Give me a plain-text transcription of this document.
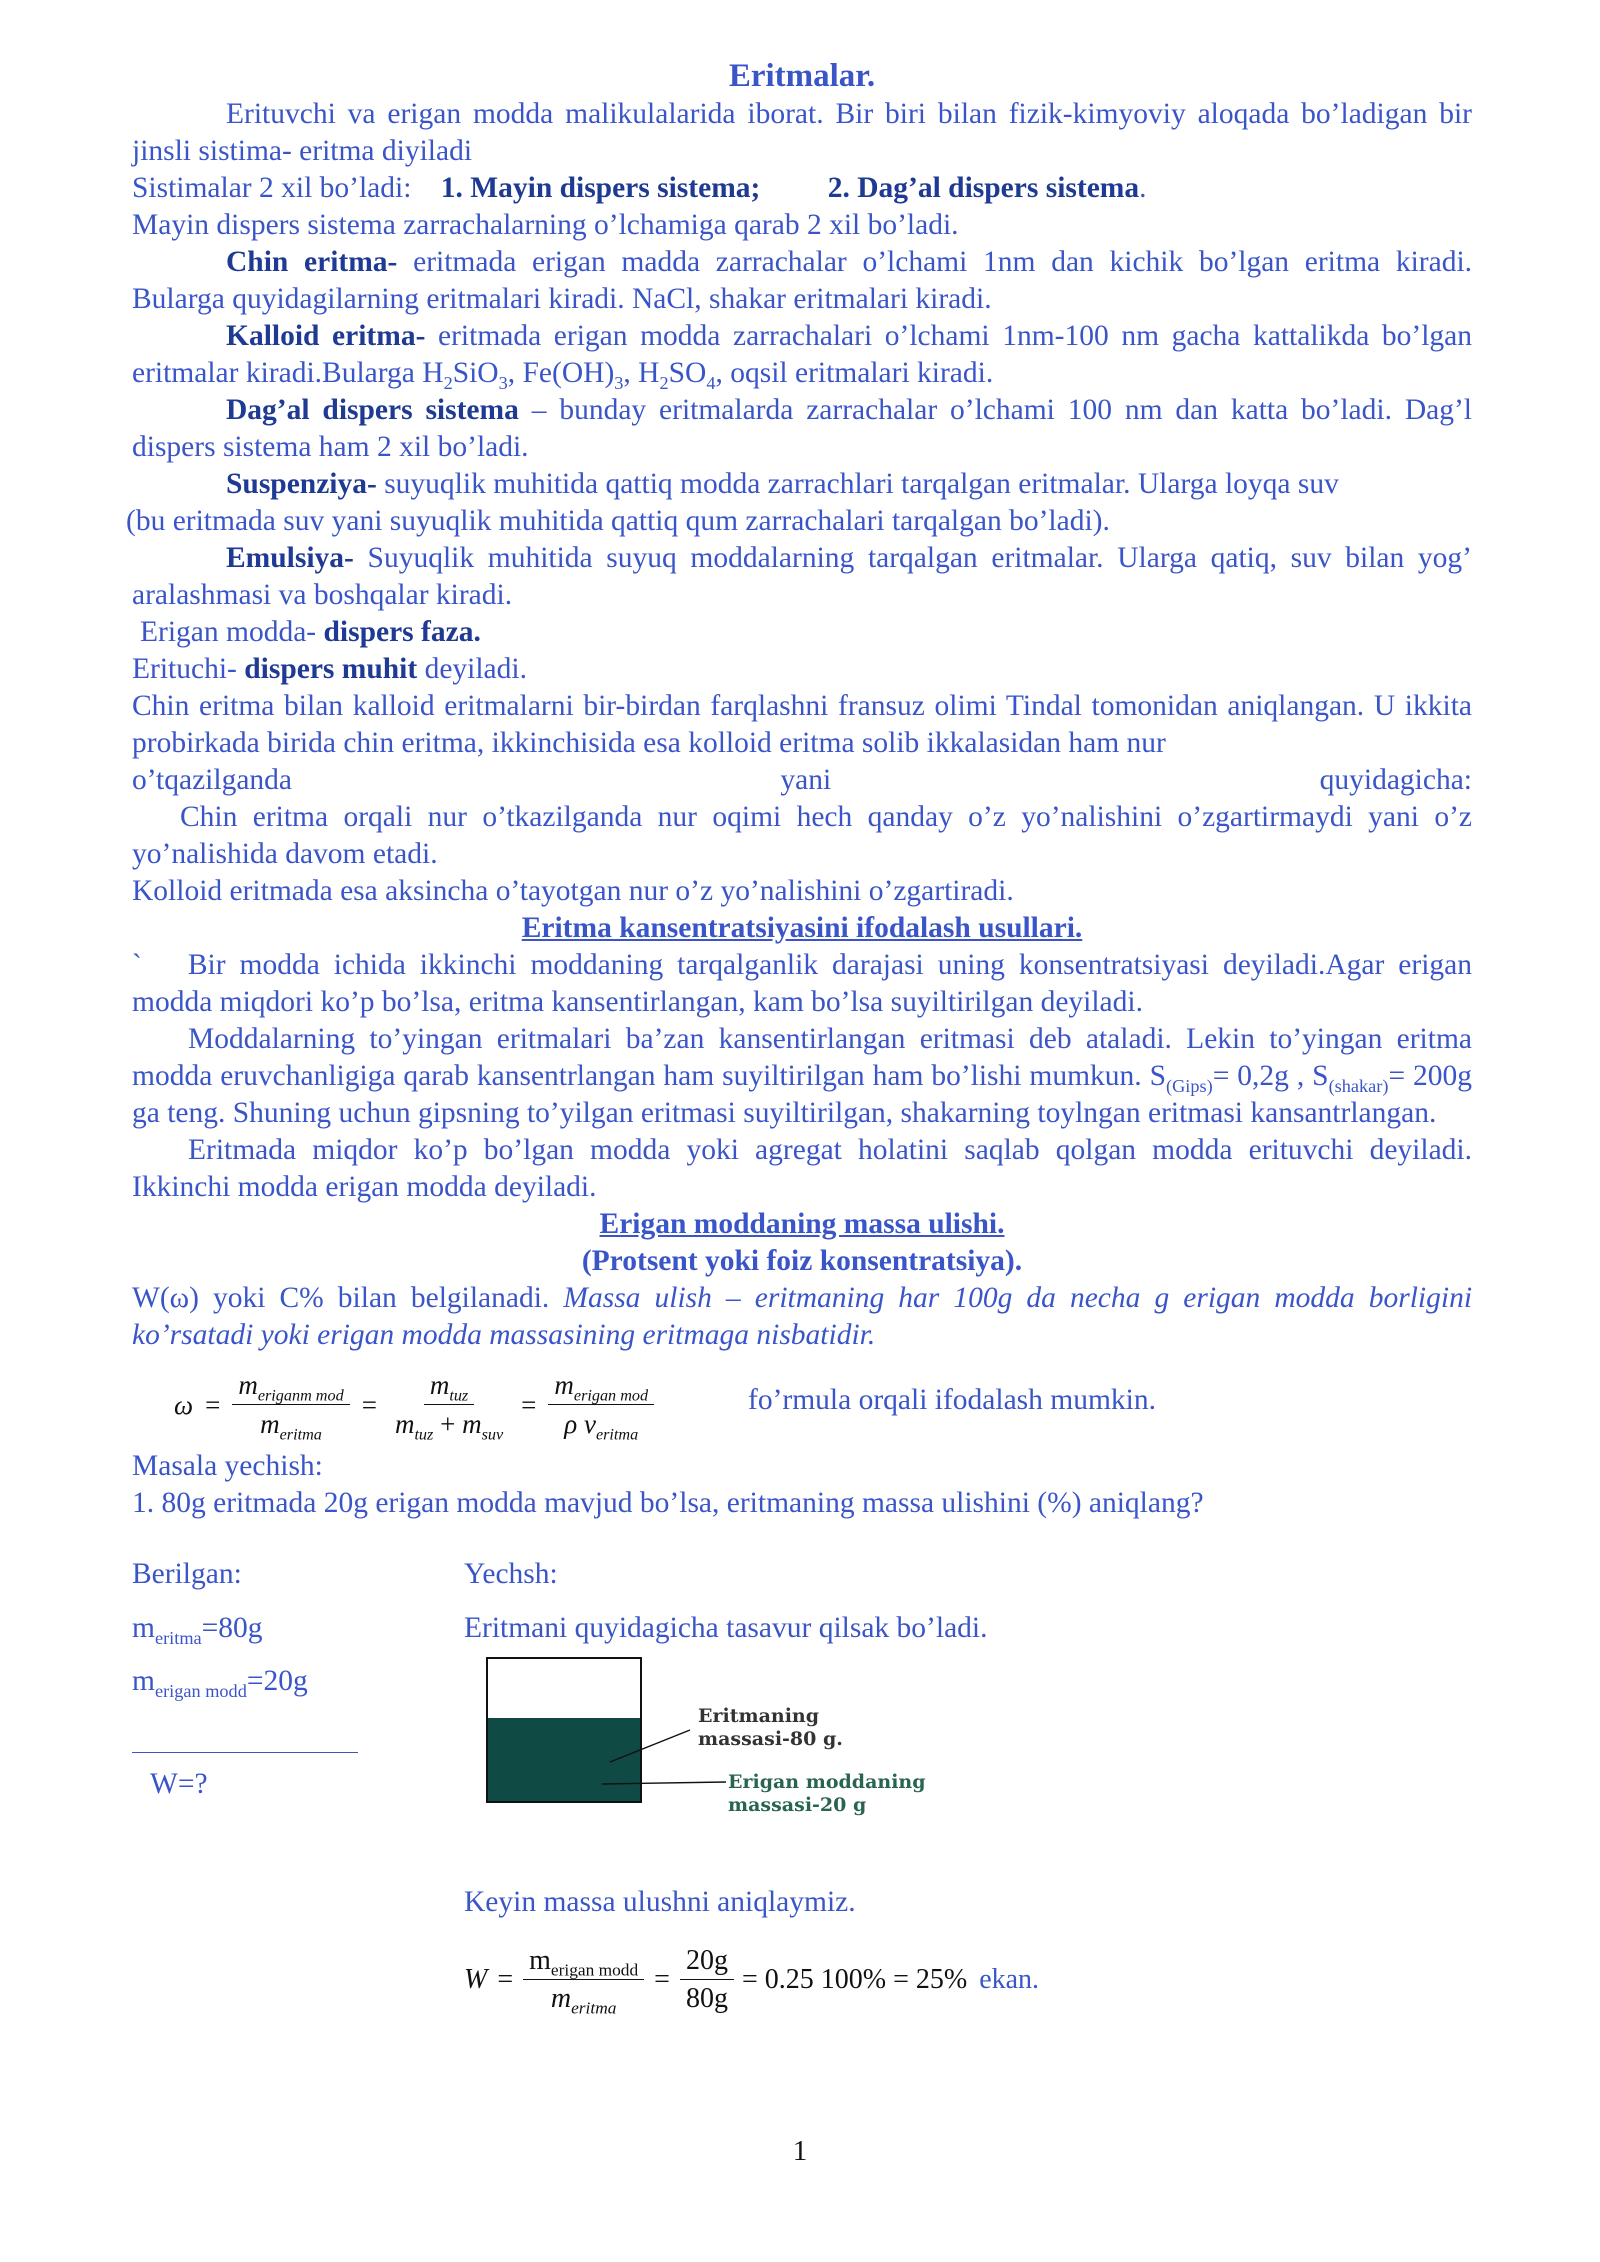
Eritmalar.

Erituvchi va erigan modda malikulalarida iborat. Bir biri bilan fizik-kimyoviy aloqada bo’ladigan bir jinsli sistima- eritma diyiladi

Sistimalar 2 xil bo’ladi: 1. Mayin dispers sistema; 2. Dag’al dispers sistema.

Mayin dispers sistema zarrachalarning o’lchamiga qarab 2 xil bo’ladi.

Chin eritma- eritmada erigan madda zarrachalar o’lchami 1nm dan kichik bo’lgan eritma kiradi. Bularga quyidagilarning eritmalari kiradi. NaCl, shakar eritmalari kiradi.

Kalloid eritma- eritmada erigan modda zarrachalari o’lchami 1nm-100 nm gacha kattalikda bo’lgan eritmalar kiradi.Bularga $H_2SiO_3$, $Fe(OH)_3$, $H_2SO_4$, oqsil eritmalari kiradi.

Dag’al dispers sistema – bunday eritmalarda zarrachalar o’lchami 100 nm dan katta bo’ladi. Dag’l dispers sistema ham 2 xil bo’ladi.

Suspenziya- suyuqlik muhitida qattiq modda zarrachlari tarqalgan eritmalar. Ularga loyqa suv

(bu eritmada suv yani suyuqlik muhitida qattiq qum zarrachalari tarqalgan bo’ladi).

Emulsiya- Suyuqlik muhitida suyuq moddalarning tarqalgan eritmalar. Ularga qatiq, suv bilan yog’ aralashmasi va boshqalar kiradi.

Erigan modda- dispers faza.

Erituchi- dispers muhit deyiladi.

Chin eritma bilan kalloid eritmalarni bir-birdan farqlashni fransuz olimi Tindal tomonidan aniqlangan. U ikkita probirkada birida chin eritma, ikkinchisida esa kolloid eritma solib ikkalasidan ham nur

o’tqazilganda	yani	quyidagicha:

Chin eritma orqali nur o’tkazilganda nur oqimi hech qanday o’z yo’nalishini o’zgartirmaydi yani o’z yo’nalishida davom etadi.

Kolloid eritmada esa aksincha o’tayotgan nur o’z yo’nalishini o’zgartiradi.

Eritma kansentratsiyasini ifodalash usullari.

` Bir modda ichida ikkinchi moddaning tarqalganlik darajasi uning konsentratsiyasi deyiladi.Agar erigan modda miqdori ko’p bo’lsa, eritma kansentirlangan, kam bo’lsa suyiltirilgan deyiladi.

Moddalarning to’yingan eritmalari ba’zan kansentirlangan eritmasi deb ataladi. Lekin to’yingan eritma modda eruvchanligiga qarab kansentrlangan ham suyiltirilgan ham bo’lishi mumkun. $S_{(Gips)}= 0,2g$ , $S_{(shakar)}= 200g$ ga teng. Shuning uchun gipsning to’yilgan eritmasi suyiltirilgan, shakarning toylngan eritmasi kansantrlangan.

Eritmada miqdor ko’p bo’lgan modda yoki agregat holatini saqlab qolgan modda erituvchi deyiladi. Ikkinchi modda erigan modda deyiladi.

Erigan moddaning massa ulishi.
(Protsent yoki foiz konsentratsiya).

W(ω) yoki C% bilan belgilanadi. Massa ulish – eritmaning har 100g da necha g erigan modda borligini ko’rsatadi yoki erigan modda massasining eritmaga nisbatidir.

$\omega = \frac{m_{eriganm mod}}{m_{eritma}} = \frac{m_{tuz}}{m_{tuz} + m_{suv}} = \frac{m_{erigan mod}}{\rho v_{eritma}}$	fo’rmula orqali ifodalash mumkin.

Masala yechish:

1. 80g eritmada 20g erigan modda mavjud bo’lsa, eritmaning massa ulishini (%) aniqlang?

Berilgan:	Yechsh:
$m_{eritma}=80g$	Eritmani quyidagicha tasavur qilsak bo’ladi.
$m_{erigan modd}=20g$
W=?
Eritmaning
massasi-80 g.
Erigan moddaning
massasi-20 g
Keyin massa ulushni aniqlaymiz.
$W = \frac{m_{erigan modd}}{m_{eritma}} = \frac{20g}{80g} = 0.25$ 100% = 25% ekan.
1
